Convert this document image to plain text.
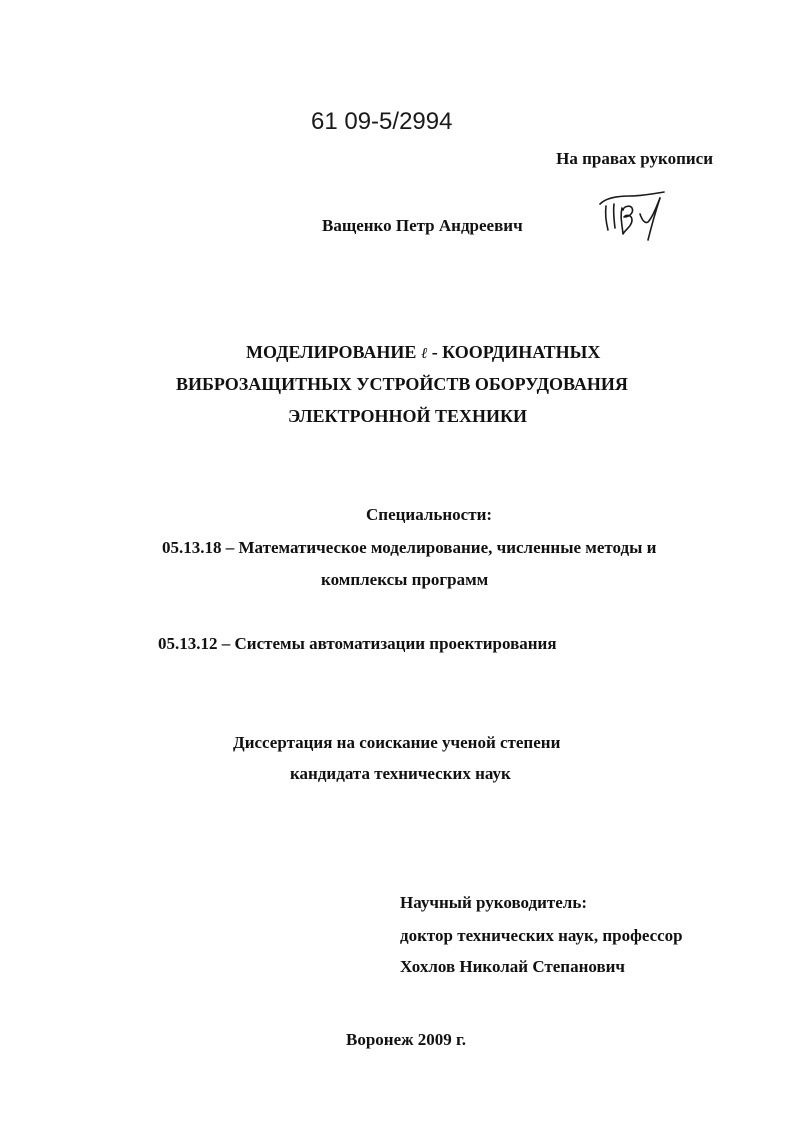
61 09-5/2994
На правах рукописи
Ващенко Петр Андреевич
МОДЕЛИРОВАНИЕ ℓ - КООРДИНАТНЫХ
ВИБРОЗАЩИТНЫХ УСТРОЙСТВ ОБОРУДОВАНИЯ
ЭЛЕКТРОННОЙ ТЕХНИКИ
Специальности:
05.13.18 – Математическое моделирование, численные методы и
комплексы программ
05.13.12 – Системы автоматизации проектирования
Диссертация на соискание ученой степени
кандидата технических наук
Научный руководитель:
доктор технических наук, профессор
Хохлов Николай Степанович
Воронеж 2009 г.
